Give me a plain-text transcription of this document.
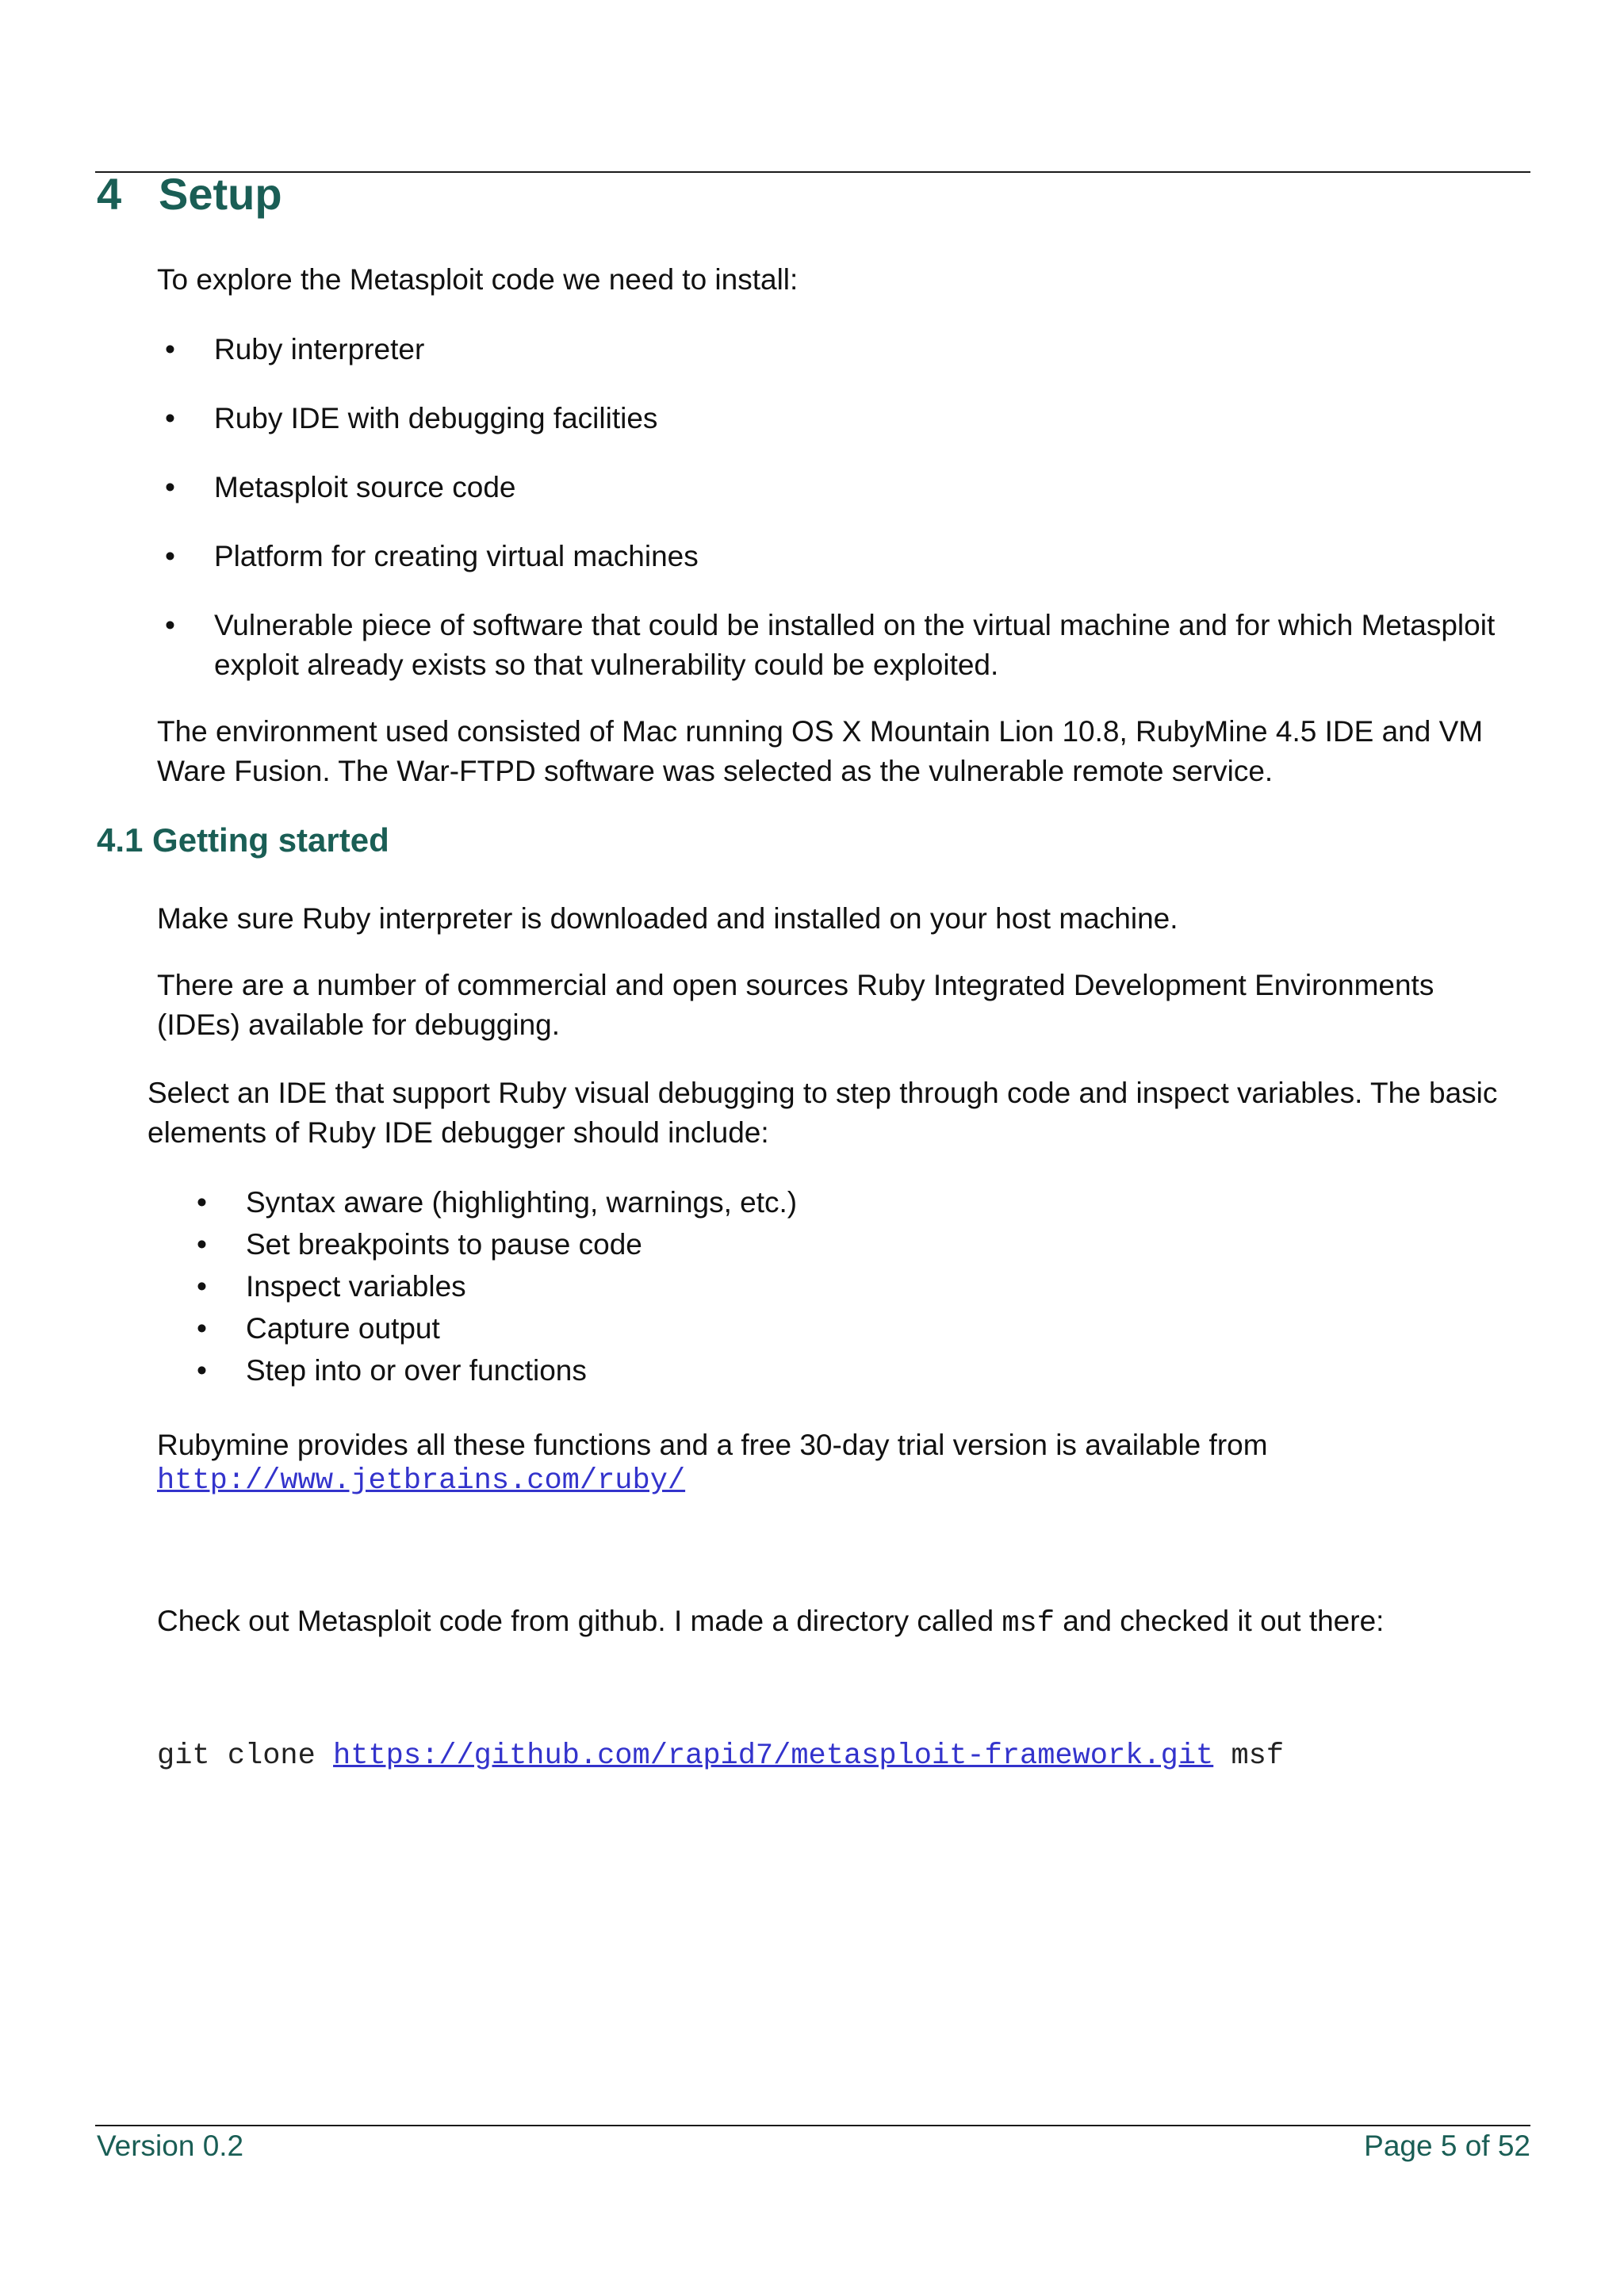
4 Setup
To explore the Metasploit code we need to install:
• Ruby interpreter
• Ruby IDE with debugging facilities
• Metasploit source code
• Platform for creating virtual machines
• Vulnerable piece of software that could be installed on the virtual machine and for which Metasploit exploit already exists so that vulnerability could be exploited.
The environment used consisted of Mac running OS X Mountain Lion 10.8, RubyMine 4.5 IDE and VM Ware Fusion. The War-FTPD software was selected as the vulnerable remote service.
4.1 Getting started
Make sure Ruby interpreter is downloaded and installed on your host machine.
There are a number of commercial and open sources Ruby Integrated Development Environments (IDEs) available for debugging.
Select an IDE that support Ruby visual debugging to step through code and inspect variables. The basic elements of Ruby IDE debugger should include:
• Syntax aware (highlighting, warnings, etc.)
• Set breakpoints to pause code
• Inspect variables
• Capture output
• Step into or over functions
Rubymine provides all these functions and a free 30-day trial version is available from
http://www.jetbrains.com/ruby/
Check out Metasploit code from github. I made a directory called msf and checked it out there:
git clone https://github.com/rapid7/metasploit-framework.git msf
Version 0.2	Page 5 of 52
